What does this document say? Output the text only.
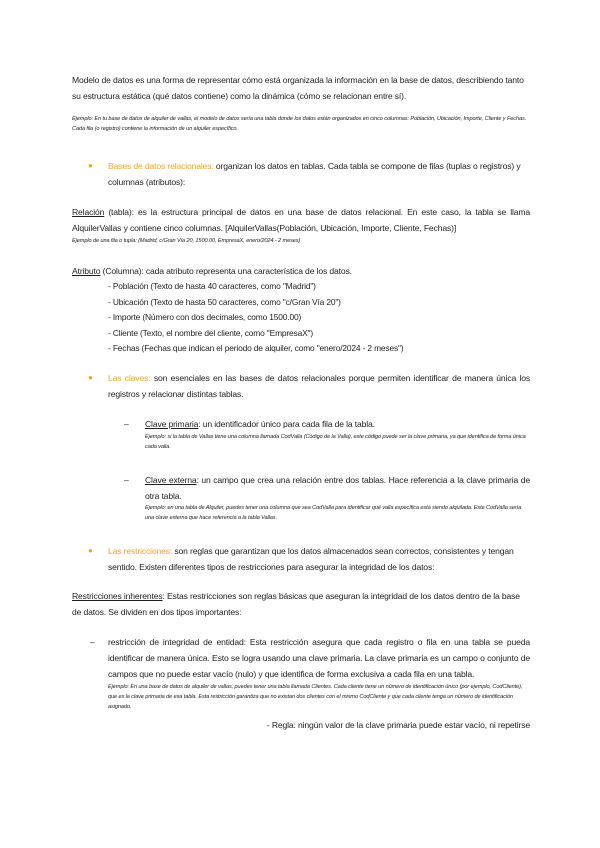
Modelo de datos es una forma de representar cómo está organizada la información en la base de datos, describiendo tanto su estructura estática (qué datos contiene) como la dinámica (cómo se relacionan entre sí).
Ejemplo: En tu base de datos de alquiler de vallas, el modelo de datos sería una tabla donde los datos están organizados en cinco columnas: Población, Ubicación, Importe, Cliente y Fechas. Cada fila (o registro) contiene la información de un alquiler específico.
● Bases de datos relacionales: organizan los datos en tablas. Cada tabla se compone de filas (tuplas o registros) y columnas (atributos):
Relación (tabla): es la estructura principal de datos en una base de datos relacional. En este caso, la tabla se llama AlquilerVallas y contiene cinco columnas. [AlquilerVallas(Población, Ubicación, Importe, Cliente, Fechas)]
Ejemplo de una fila o tupla: (Madrid, c/Gran Vía 20, 1500.00, EmpresaX, enero/2024 - 2 meses)
Atributo (Columna): cada atributo representa una característica de los datos.
- Población (Texto de hasta 40 caracteres, como "Madrid")
- Ubicación (Texto de hasta 50 caracteres, como "c/Gran Vía 20")
- Importe (Número con dos decimales, como 1500.00)
- Cliente (Texto, el nombre del cliente, como "EmpresaX")
- Fechas (Fechas que indican el periodo de alquiler, como "enero/2024 - 2 meses")
● Las claves: son esenciales en las bases de datos relacionales porque permiten identificar de manera única los registros y relacionar distintas tablas.
– Clave primaria: un identificador único para cada fila de la tabla.
Ejemplo: si la tabla de Vallas tiene una columna llamada CodValla (Código de la Valla), este código puede ser la clave primaria, ya que identifica de forma única cada valla.
– Clave externa: un campo que crea una relación entre dos tablas. Hace referencia a la clave primaria de otra tabla.
Ejemplo: en una tabla de Alquiler, puedes tener una columna que sea CodValla para identificar qué valla específica está siendo alquilada. Este CodValla sería una clave externa que hace referencia a la tabla Vallas.
● Las restricciones: son reglas que garantizan que los datos almacenados sean correctos, consistentes y tengan sentido. Existen diferentes tipos de restricciones para asegurar la integridad de los datos:
Restricciones inherentes: Estas restricciones son reglas básicas que aseguran la integridad de los datos dentro de la base de datos. Se dividen en dos tipos importantes:
– restricción de integridad de entidad: Esta restricción asegura que cada registro o fila en una tabla se pueda identificar de manera única. Esto se logra usando una clave primaria. La clave primaria es un campo o conjunto de campos que no puede estar vacío (nulo) y que identifica de forma exclusiva a cada fila en una tabla.
Ejemplo: En una base de datos de alquiler de vallas, puedes tener una tabla llamada Clientes. Cada cliente tiene un número de identificación único (por ejemplo, CodCliente), que es la clave primaria de esa tabla. Esta restricción garantiza que no existan dos clientes con el mismo CodCliente y que cada cliente tenga un número de identificación asignado.
- Regla: ningún valor de la clave primaria puede estar vacío, ni repetirse
